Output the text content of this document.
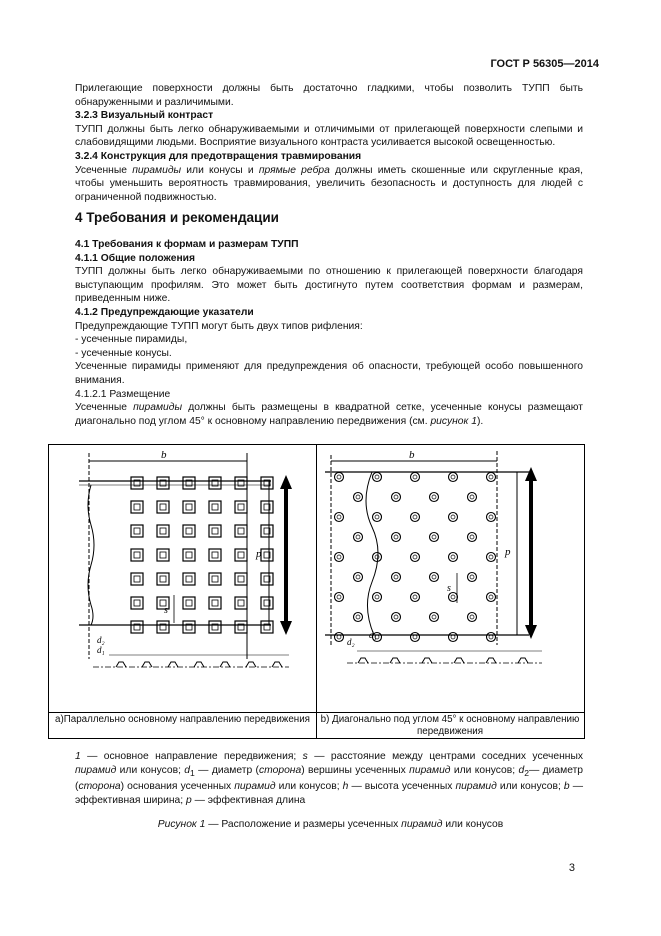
ГОСТ Р 56305—2014

Прилегающие поверхности должны быть достаточно гладкими, чтобы позволить ТУПП быть обнаруженными и различимыми.

3.2.3 Визуальный контраст

ТУПП должны быть легко обнаруживаемыми и отличимыми от прилегающей поверхности слепыми и слабовидящими людьми. Восприятие визуального контраста усиливается высокой освещенностью.

3.2.4 Конструкция для предотвращения травмирования

Усеченные пирамиды или конусы и прямые ребра должны иметь скошенные или скругленные края, чтобы уменьшить вероятность травмирования, увеличить безопасность и доступность для людей с ограниченной подвижностью.

4 Требования и рекомендации

4.1 Требования к формам и размерам ТУПП

4.1.1 Общие положения

ТУПП должны быть легко обнаруживаемыми по отношению к прилегающей поверхности благодаря выступающим профилям. Это может быть достигнуто путем соответствия формам и размерам, приведенным ниже.

4.1.2 Предупреждающие указатели

Предупреждающие ТУПП могут быть двух типов рифления:

- усеченные пирамиды,

- усеченные конусы.

Усеченные пирамиды применяют для предупреждения об опасности, требующей особо повышенного внимания.

4.1.2.1 Размещение

Усеченные пирамиды должны быть размещены в квадратной сетке, усеченные конусы размещают диагонально под углом 45° к основному направлению передвижения (см. рисунок 1).

b
p
s
d₂
d₁
b
p
s
d₂
d₁
а)Параллельно основному направлению передвижения b) Диагонально под углом 45° к основному направлению передвижения
1 — основное направление передвижения; s — расстояние между центрами соседних усеченных пирамид или конусов; $d_1$ — диаметр (сторона) вершины усеченных пирамид или конусов; $d_2—$ диаметр (сторона) основания усеченных пирамид или конусов; h — высота усеченных пирамид или конусов; b — эффективная ширина; p — эффективная длина
Рисунок 1 — Расположение и размеры усеченных пирамид или конусов
3
